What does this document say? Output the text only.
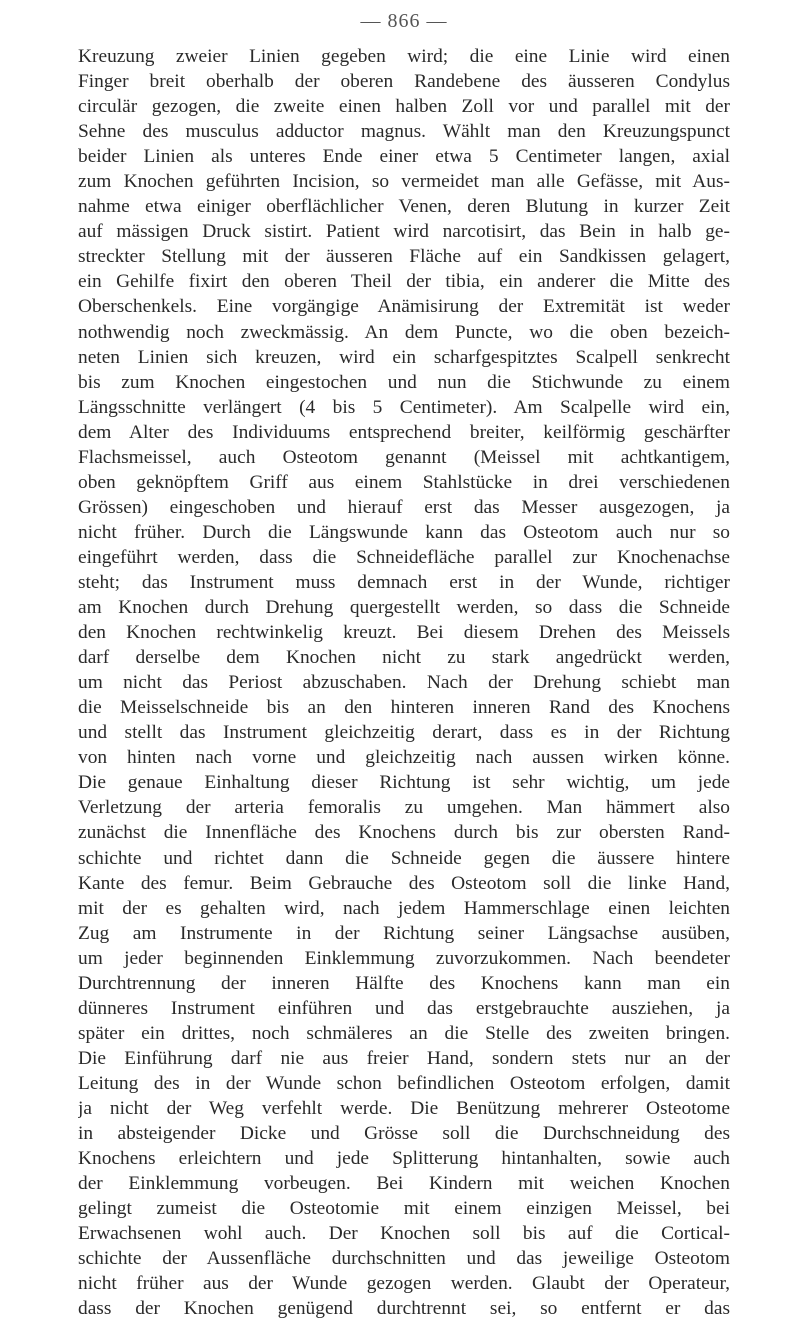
— 866 —
Kreuzung zweier Linien gegeben wird; die eine Linie wird einen
Finger breit oberhalb der oberen Randebene des äusseren Condylus
circulär gezogen, die zweite einen halben Zoll vor und parallel mit der
Sehne des musculus adductor magnus. Wählt man den Kreuzungspunct
beider Linien als unteres Ende einer etwa 5 Centimeter langen, axial
zum Knochen geführten Incision, so vermeidet man alle Gefässe, mit Aus-
nahme etwa einiger oberflächlicher Venen, deren Blutung in kurzer Zeit
auf mässigen Druck sistirt. Patient wird narcotisirt, das Bein in halb ge-
streckter Stellung mit der äusseren Fläche auf ein Sandkissen gelagert,
ein Gehilfe fixirt den oberen Theil der tibia, ein anderer die Mitte des
Oberschenkels. Eine vorgängige Anämisirung der Extremität ist weder
nothwendig noch zweckmässig. An dem Puncte, wo die oben bezeich-
neten Linien sich kreuzen, wird ein scharfgespitztes Scalpell senkrecht
bis zum Knochen eingestochen und nun die Stichwunde zu einem
Längsschnitte verlängert (4 bis 5 Centimeter). Am Scalpelle wird ein,
dem Alter des Individuums entsprechend breiter, keilförmig geschärfter
Flachsmeissel, auch Osteotom genannt (Meissel mit achtkantigem,
oben geknöpftem Griff aus einem Stahlstücke in drei verschiedenen
Grössen) eingeschoben und hierauf erst das Messer ausgezogen, ja
nicht früher. Durch die Längswunde kann das Osteotom auch nur so
eingeführt werden, dass die Schneidefläche parallel zur Knochenachse
steht; das Instrument muss demnach erst in der Wunde, richtiger
am Knochen durch Drehung quergestellt werden, so dass die Schneide
den Knochen rechtwinkelig kreuzt. Bei diesem Drehen des Meissels
darf derselbe dem Knochen nicht zu stark angedrückt werden,
um nicht das Periost abzuschaben. Nach der Drehung schiebt man
die Meisselschneide bis an den hinteren inneren Rand des Knochens
und stellt das Instrument gleichzeitig derart, dass es in der Richtung
von hinten nach vorne und gleichzeitig nach aussen wirken könne.
Die genaue Einhaltung dieser Richtung ist sehr wichtig, um jede
Verletzung der arteria femoralis zu umgehen. Man hämmert also
zunächst die Innenfläche des Knochens durch bis zur obersten Rand-
schichte und richtet dann die Schneide gegen die äussere hintere
Kante des femur. Beim Gebrauche des Osteotom soll die linke Hand,
mit der es gehalten wird, nach jedem Hammerschlage einen leichten
Zug am Instrumente in der Richtung seiner Längsachse ausüben,
um jeder beginnenden Einklemmung zuvorzukommen. Nach beendeter
Durchtrennung der inneren Hälfte des Knochens kann man ein
dünneres Instrument einführen und das erstgebrauchte ausziehen, ja
später ein drittes, noch schmäleres an die Stelle des zweiten bringen.
Die Einführung darf nie aus freier Hand, sondern stets nur an der
Leitung des in der Wunde schon befindlichen Osteotom erfolgen, damit
ja nicht der Weg verfehlt werde. Die Benützung mehrerer Osteotome
in absteigender Dicke und Grösse soll die Durchschneidung des
Knochens erleichtern und jede Splitterung hintanhalten, sowie auch
der Einklemmung vorbeugen. Bei Kindern mit weichen Knochen
gelingt zumeist die Osteotomie mit einem einzigen Meissel, bei
Erwachsenen wohl auch. Der Knochen soll bis auf die Cortical-
schichte der Aussenfläche durchschnitten und das jeweilige Osteotom
nicht früher aus der Wunde gezogen werden. Glaubt der Operateur,
dass der Knochen genügend durchtrennt sei, so entfernt er das
